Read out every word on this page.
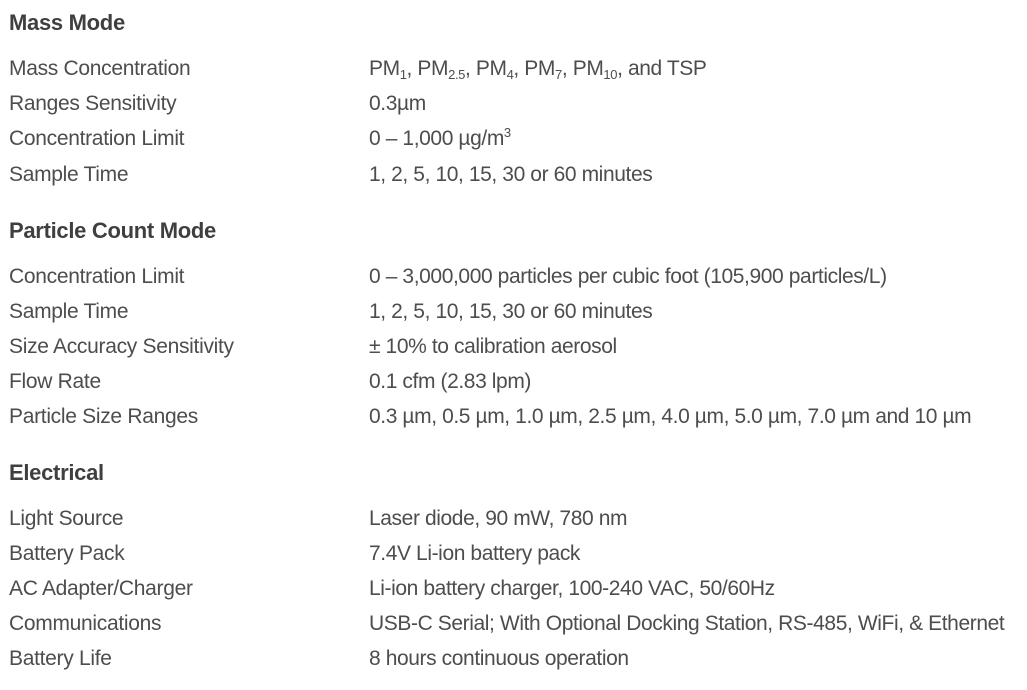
Mass Mode
Mass Concentration	$PM_1$, $PM_{2.5}$, $PM_4$, $PM_7$, $PM_{10}$, and TSP
Ranges Sensitivity	0.3µm
Concentration Limit	0 – 1,000 $\mu g/m^3$
Sample Time	1, 2, 5, 10, 15, 30 or 60 minutes
Particle Count Mode
Concentration Limit	0 – 3,000,000 particles per cubic foot (105,900 particles/L)
Sample Time	1, 2, 5, 10, 15, 30 or 60 minutes
Size Accuracy Sensitivity	± 10% to calibration aerosol
Flow Rate	0.1 cfm (2.83 lpm)
Particle Size Ranges	0.3 µm, 0.5 µm, 1.0 µm, 2.5 µm, 4.0 µm, 5.0 µm, 7.0 µm and 10 µm
Electrical
Light Source	Laser diode, 90 mW, 780 nm
Battery Pack	7.4V Li-ion battery pack
AC Adapter/Charger	Li-ion battery charger, 100-240 VAC, 50/60Hz
Communications	USB-C Serial; With Optional Docking Station, RS-485, WiFi, & Ethernet
Battery Life	8 hours continuous operation
